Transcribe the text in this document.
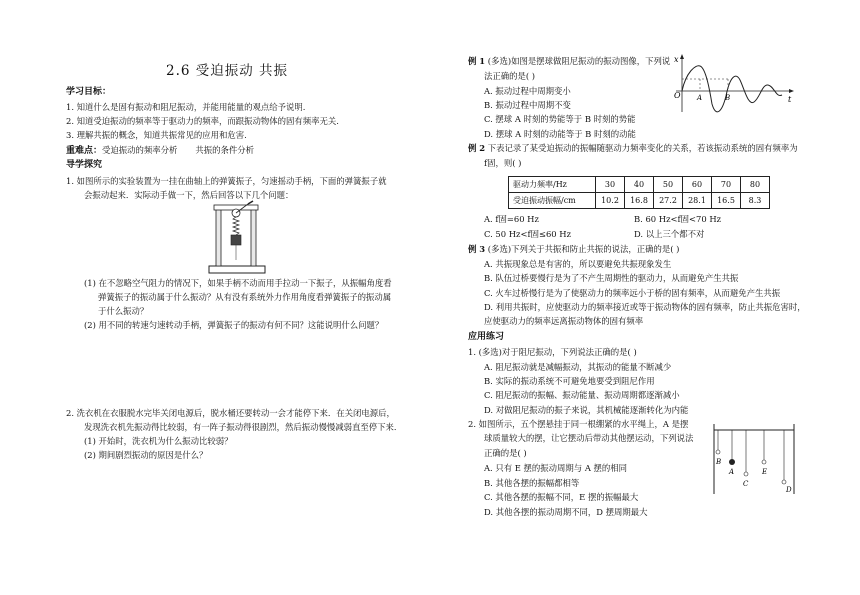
2.6 受迫振动 共振
学习目标：
1. 知道什么是固有振动和阻尼振动，并能用能量的观点给予说明.
2. 知道受迫振动的频率等于驱动力的频率，而跟振动物体的固有频率无关.
3. 理解共振的概念，知道共振常见的应用和危害.
重难点：受迫振动的频率分析 共振的条件分析
导学探究
1. 如图所示的实验装置为一挂在曲轴上的弹簧振子，匀速摇动手柄，下面的弹簧振子就
会振动起来．实际动手做一下，然后回答以下几个问题：
(1) 在不忽略空气阻力的情况下，如果手柄不动而用手拉动一下振子，从振幅角度看
弹簧振子的振动属于什么振动？从有没有系统外力作用角度看弹簧振子的振动属
于什么振动？
(2) 用不同的转速匀速转动手柄，弹簧振子的振动有何不同？这能说明什么问题？
2. 洗衣机在衣服脱水完毕关闭电源后，脱水桶还要转动一会才能停下来．在关闭电源后，
发现洗衣机先振动得比较弱，有一阵子振动得很剧烈，然后振动慢慢减弱直至停下来．
(1) 开始时，洗衣机为什么振动比较弱？
(2) 期间剧烈振动的原因是什么？
例 1 (多选)如图是摆球做阻尼振动的振动图像，下列说
法正确的是( )
A. 振动过程中周期变小
B. 振动过程中周期不变
C. 摆球 A 时刻的势能等于 B 时刻的势能
D. 摆球 A 时刻的动能等于 B 时刻的动能
x
O	t
A	B
例 2 下表记录了某受迫振动的振幅随驱动力频率变化的关系，若该振动系统的固有频率为
f固，则( )
驱动力频率/Hz	30	40	50	60	70	80
受迫振动振幅/cm	10.2	16.8	27.2	28.1	16.5	8.3
A. f固=60 Hz	B. 60 Hz<f固<70 Hz
C. 50 Hz<f固≤60 Hz	D. 以上三个都不对
例 3 (多选)下列关于共振和防止共振的说法，正确的是( )
A. 共振现象总是有害的，所以要避免共振现象发生
B. 队伍过桥要慢行是为了不产生周期性的驱动力，从而避免产生共振
C. 火车过桥慢行是为了使驱动力的频率远小于桥的固有频率，从而避免产生共振
D. 利用共振时，应使驱动力的频率接近或等于振动物体的固有频率，防止共振危害时，
应使驱动力的频率远离振动物体的固有频率
应用练习
1. (多选)对于阻尼振动，下列说法正确的是( )
A. 阻尼振动就是减幅振动，其振动的能量不断减少
B. 实际的振动系统不可避免地要受到阻尼作用
C. 阻尼振动的振幅、振动能量、振动周期都逐渐减小
D. 对做阻尼振动的振子来说，其机械能逐渐转化为内能
2. 如图所示，五个摆悬挂于同一根绷紧的水平绳上，A 是摆
球质量较大的摆，让它摆动后带动其他摆运动，下列说法
正确的是( )
A. 只有 E 摆的振动周期与 A 摆的相同
B. 其他各摆的振幅都相等
C. 其他各摆的振幅不同，E 摆的振幅最大
D. 其他各摆的振动周期不同，D 摆周期最大
B
A
C
E
D
